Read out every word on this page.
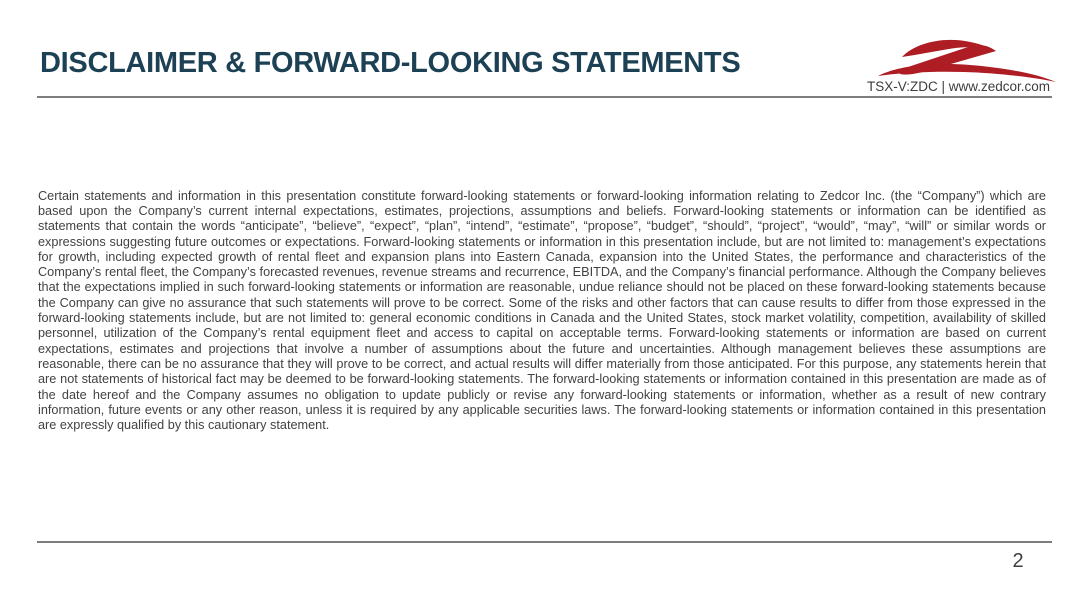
DISCLAIMER & FORWARD-LOOKING STATEMENTS
TSX-V:ZDC | www.zedcor.com

Certain statements and information in this presentation constitute forward-looking statements or forward-looking information relating to Zedcor Inc. (the “Company”) which are based upon the Company’s current internal expectations, estimates, projections, assumptions and beliefs. Forward-looking statements or information can be identified as statements that contain the words “anticipate”, “believe”, “expect”, “plan”, “intend”, “estimate”, “propose”, “budget”, “should”, “project”, “would”, “may”, “will” or similar words or expressions suggesting future outcomes or expectations. Forward-looking statements or information in this presentation include, but are not limited to: management’s expectations for growth, including expected growth of rental fleet and expansion plans into Eastern Canada, expansion into the United States, the performance and characteristics of the Company’s rental fleet, the Company’s forecasted revenues, revenue streams and recurrence, EBITDA, and the Company’s financial performance. Although the Company believes that the expectations implied in such forward-looking statements or information are reasonable, undue reliance should not be placed on these forward-looking statements because the Company can give no assurance that such statements will prove to be correct. Some of the risks and other factors that can cause results to differ from those expressed in the forward-looking statements include, but are not limited to: general economic conditions in Canada and the United States, stock market volatility, competition, availability of skilled personnel, utilization of the Company’s rental equipment fleet and access to capital on acceptable terms. Forward-looking statements or information are based on current expectations, estimates and projections that involve a number of assumptions about the future and uncertainties. Although management believes these assumptions are reasonable, there can be no assurance that they will prove to be correct, and actual results will differ materially from those anticipated. For this purpose, any statements herein that are not statements of historical fact may be deemed to be forward-looking statements. The forward-looking statements or information contained in this presentation are made as of the date hereof and the Company assumes no obligation to update publicly or revise any forward-looking statements or information, whether as a result of new contrary information, future events or any other reason, unless it is required by any applicable securities laws. The forward-looking statements or information contained in this presentation are expressly qualified by this cautionary statement.

2
